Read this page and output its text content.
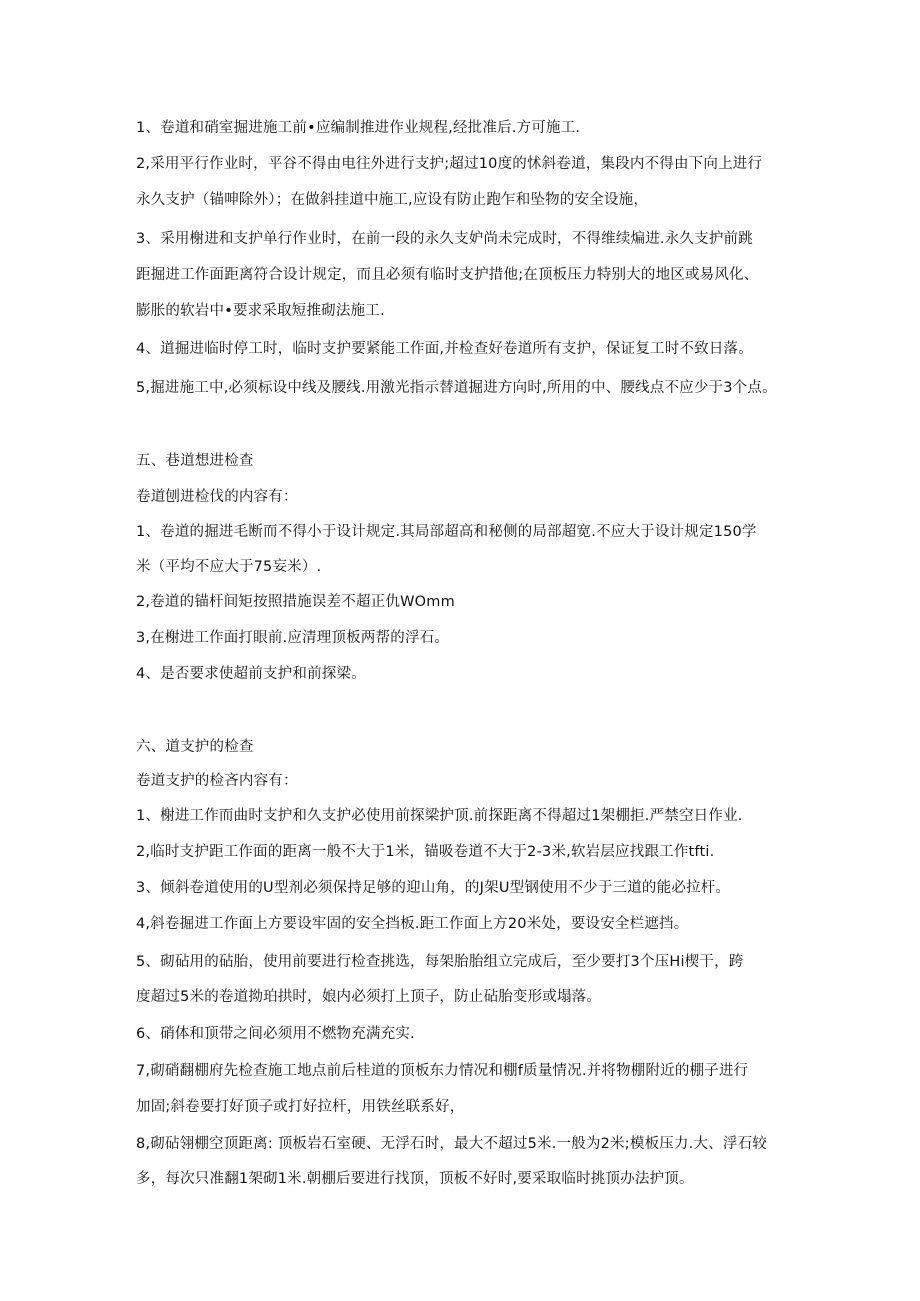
1、卷道和硝室掘进施工前•应编制推进作业规程,经批准后.方可施工.
2,采用平行作业时，平谷不得由电往外进行支护;超过10度的怵斜卷道，集段内不得由下向上进行
永久支护（锚呻除外）；在做斜挂道中施工,应设有防止跑乍和坠物的安全设施，
3、采用榭进和支护单行作业时，在前一段的永久支妒尚未完成时，不得维续煸进.永久支护前跳
距掘进工作面距离符合设计规定，而且必须有临时支护措他;在顶板压力特别大的地区或易风化、
膨胀的软岩中•要求采取短推砌法施工.
4、道掘进临时停工时，临时支护要紧能工作面,并检查好卷道所有支护，保证复工时不致日落。
5,掘进施工中,必须标设中线及腰线.用激光指示替道掘进方向时,所用的中、腰线点不应少于3个点。
五、巷道想进检查
卷道刨进检伐的内容有：
1、卷道的掘进毛断而不得小于设计规定.其局部超高和秘侧的局部超宽.不应大于设计规定150学
米（平均不应大于75妄米）.
2,卷道的锚杆间矩按照措施误差不超正仇WOmm
3,在榭进工作面打眼前.应清理顶板两帮的浮石。
4、是否要求使超前支护和前探梁。
六、道支护的检查
卷道支护的检吝内容有：
1、榭进工作而曲时支护和久支护必使用前探梁护顶.前探距离不得超过1架棚拒.严禁空日作业.
2,临时支护距工作面的距离一般不大于1米，锚吸卷道不大于2-3米,软岩层应找跟工作tfti.
3、倾斜卷道使用的U型剂必须保持足够的迎山角，的J架U型钢使用不少于三道的能必拉杆。
4,斜卷掘进工作面上方要设牢固的安全挡板.距工作面上方20米处，要设安全栏遮挡。
5、砌砧用的砧胎，使用前要进行检查挑选，每架胎胎组立完成后，至少要打3个压Hi楔干，跨
度超过5米的卷道拗珀拱时，娘内必须打上顶子，防止砧胎变形或塌落。
6、硝体和顶带之间必须用不燃物充满充实.
7,砌硝翻棚府先检查施工地点前后桂道的顶板东力情况和棚f质量情况.并将物棚附近的棚子进行
加固;斜卷要打好顶子或打好拉杆，用铁丝联系好，
8,砌砧翎棚空顶距离: 顶板岩石室硬、无浮石时，最大不超过5米.一般为2米;模板压力.大、浮石较
多，每次只准翻1架砌1米.朝棚后要进行找顶，顶板不好时,要采取临时挑顶办法护顶。
